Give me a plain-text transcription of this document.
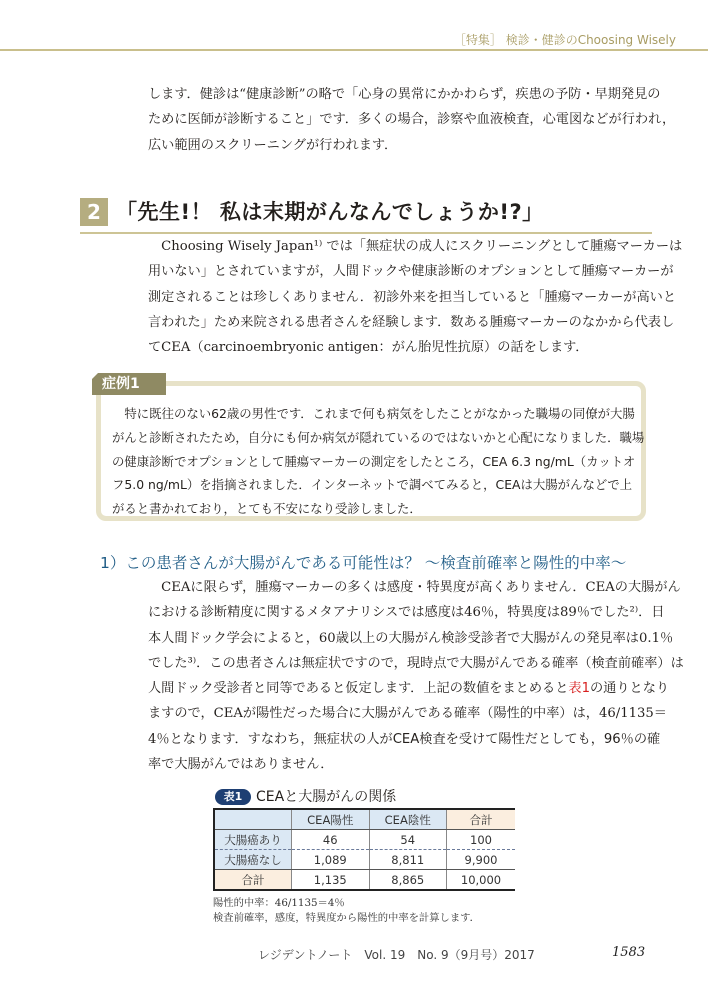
［特集］ 検診・健診のChoosing Wisely
します．健診は“健康診断”の略で「心身の異常にかかわらず，疾患の予防・早期発見の
ために医師が診断すること」です．多くの場合，診察や血液検査，心電図などが行われ，
広い範囲のスクリーニングが行われます．
2 「先生!！ 私は末期がんなんでしょうか!?」
　Choosing Wisely Japan¹⁾ では「無症状の成人にスクリーニングとして腫瘍マーカーは
用いない」とされていますが，人間ドックや健康診断のオプションとして腫瘍マーカーが
測定されることは珍しくありません．初診外来を担当していると「腫瘍マーカーが高いと
言われた」ため来院される患者さんを経験します．数ある腫瘍マーカーのなかから代表し
てCEA（carcinoembryonic antigen：がん胎児性抗原）の話をします．
症例1
　特に既往のない62歳の男性です．これまで何も病気をしたことがなかった職場の同僚が大腸
がんと診断されたため，自分にも何か病気が隠れているのではないかと心配になりました．職場
の健康診断でオプションとして腫瘍マーカーの測定をしたところ，CEA 6.3 ng/mL（カットオ
フ5.0 ng/mL）を指摘されました．インターネットで調べてみると，CEAは大腸がんなどで上
がると書かれており，とても不安になり受診しました．
1）この患者さんが大腸がんである可能性は？ ～検査前確率と陽性的中率～
　CEAに限らず，腫瘍マーカーの多くは感度・特異度が高くありません．CEAの大腸がん
における診断精度に関するメタアナリシスでは感度は46％，特異度は89％でした²⁾．日
本人間ドック学会によると，60歳以上の大腸がん検診受診者で大腸がんの発見率は0.1％
でした³⁾．この患者さんは無症状ですので，現時点で大腸がんである確率（検査前確率）は
人間ドック受診者と同等であると仮定します．上記の数値をまとめると表1の通りとなり
ますので，CEAが陽性だった場合に大腸がんである確率（陽性的中率）は，46/1135＝
4％となります．すなわち，無症状の人がCEA検査を受けて陽性だとしても，96％の確
率で大腸がんではありません．
表1 CEAと大腸がんの関係
	CEA陽性	CEA陰性	合計
大腸癌あり	46	54	100
大腸癌なし	1,089	8,811	9,900
合計	1,135	8,865	10,000
陽性的中率：46/1135＝4％
検査前確率，感度，特異度から陽性的中率を計算します．
レジデントノート　Vol. 19　No. 9（9月号）2017	1583
